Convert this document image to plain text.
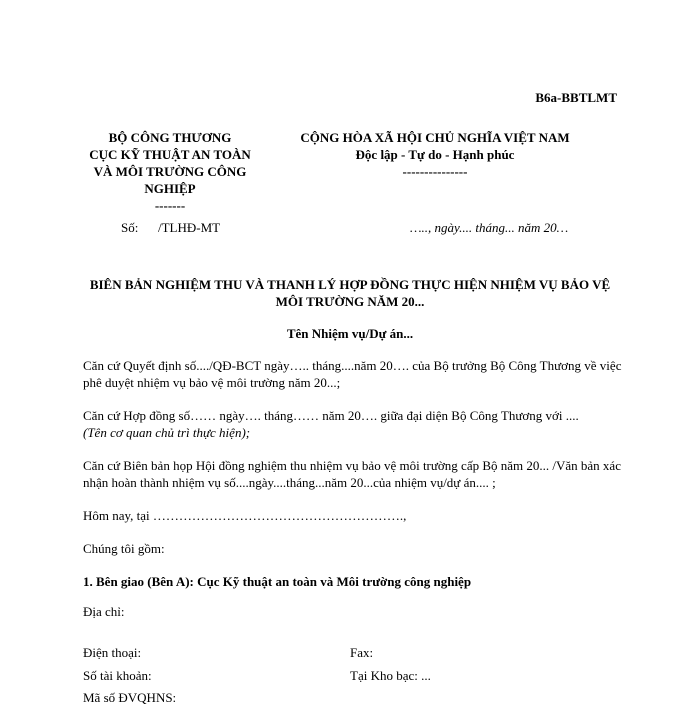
B6a-BBTLMT
BỘ CÔNG THƯƠNG
CỤC KỸ THUẬT AN TOÀN
VÀ MÔI TRƯỜNG CÔNG
NGHIỆP
-------
CỘNG HÒA XÃ HỘI CHỦ NGHĨA VIỆT NAM
Độc lập - Tự do - Hạnh phúc
---------------
Số: /TLHĐ-MT	….., ngày.... tháng... năm 20…
BIÊN BẢN NGHIỆM THU VÀ THANH LÝ HỢP ĐỒNG THỰC HIỆN NHIỆM VỤ BẢO VỆ MÔI TRƯỜNG NĂM 20...
Tên Nhiệm vụ/Dự án...
Căn cứ Quyết định số..../QĐ-BCT ngày….. tháng....năm 20…. của Bộ trưởng Bộ Công Thương về việc phê duyệt nhiệm vụ bảo vệ môi trường năm 20...;
Căn cứ Hợp đồng số…… ngày…. tháng…… năm 20…. giữa đại diện Bộ Công Thương với ....
(Tên cơ quan chủ trì thực hiện);
Căn cứ Biên bản họp Hội đồng nghiệm thu nhiệm vụ bảo vệ môi trường cấp Bộ năm 20... /Văn bản xác nhận hoàn thành nhiệm vụ số....ngày....tháng...năm 20...của nhiệm vụ/dự án.... ;
Hôm nay, tại ………………………………………………….,
Chúng tôi gồm:
1. Bên giao (Bên A): Cục Kỹ thuật an toàn và Môi trường công nghiệp
Địa chỉ:
Điện thoại:	Fax:
Số tài khoản:	Tại Kho bạc: ...
Mã số ĐVQHNS:
